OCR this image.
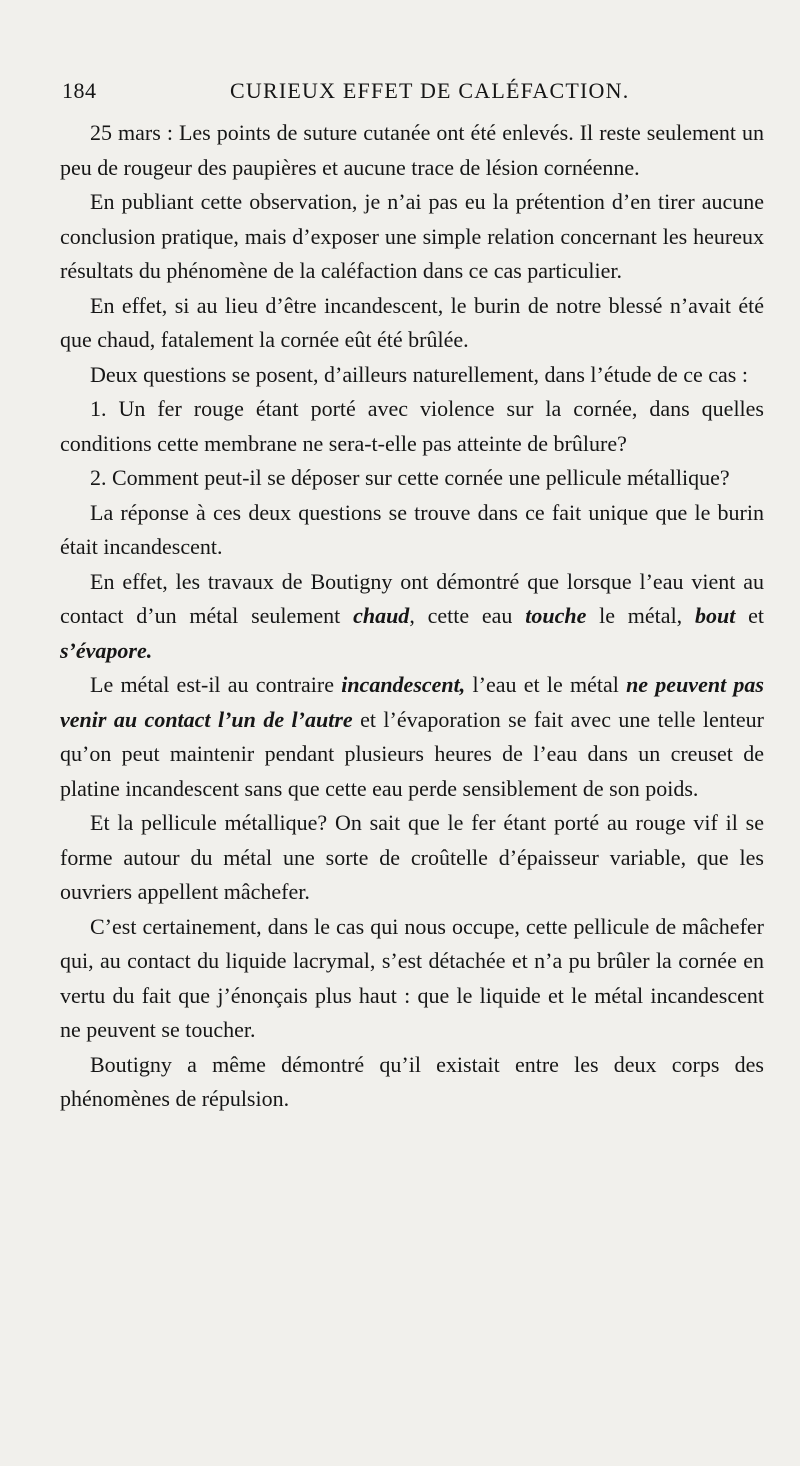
184	CURIEUX EFFET DE CALÉFACTION.

25 mars : Les points de suture cutanée ont été enlevés. Il reste seulement un peu de rougeur des paupières et aucune trace de lésion cornéenne.

En publiant cette observation, je n’ai pas eu la prétention d’en tirer aucune conclusion pratique, mais d’exposer une simple relation concernant les heureux résultats du phénomène de la caléfaction dans ce cas particulier.

En effet, si au lieu d’être incandescent, le burin de notre blessé n’avait été que chaud, fatalement la cornée eût été brûlée.

Deux questions se posent, d’ailleurs naturellement, dans l’étude de ce cas :

1. Un fer rouge étant porté avec violence sur la cornée, dans quelles conditions cette membrane ne sera-t-elle pas atteinte de brûlure?

2. Comment peut-il se déposer sur cette cornée une pellicule métallique?

La réponse à ces deux questions se trouve dans ce fait unique que le burin était incandescent.

En effet, les travaux de Boutigny ont démontré que lorsque l’eau vient au contact d’un métal seulement chaud, cette eau touche le métal, bout et s’évapore.

Le métal est-il au contraire incandescent, l’eau et le métal ne peuvent pas venir au contact l’un de l’autre et l’évaporation se fait avec une telle lenteur qu’on peut maintenir pendant plusieurs heures de l’eau dans un creuset de platine incandescent sans que cette eau perde sensiblement de son poids.

Et la pellicule métallique? On sait que le fer étant porté au rouge vif il se forme autour du métal une sorte de croûtelle d’épaisseur variable, que les ouvriers appellent mâchefer.

C’est certainement, dans le cas qui nous occupe, cette pellicule de mâchefer qui, au contact du liquide lacrymal, s’est détachée et n’a pu brûler la cornée en vertu du fait que j’énonçais plus haut : que le liquide et le métal incandescent ne peuvent se toucher.

Boutigny a même démontré qu’il existait entre les deux corps des phénomènes de répulsion.
